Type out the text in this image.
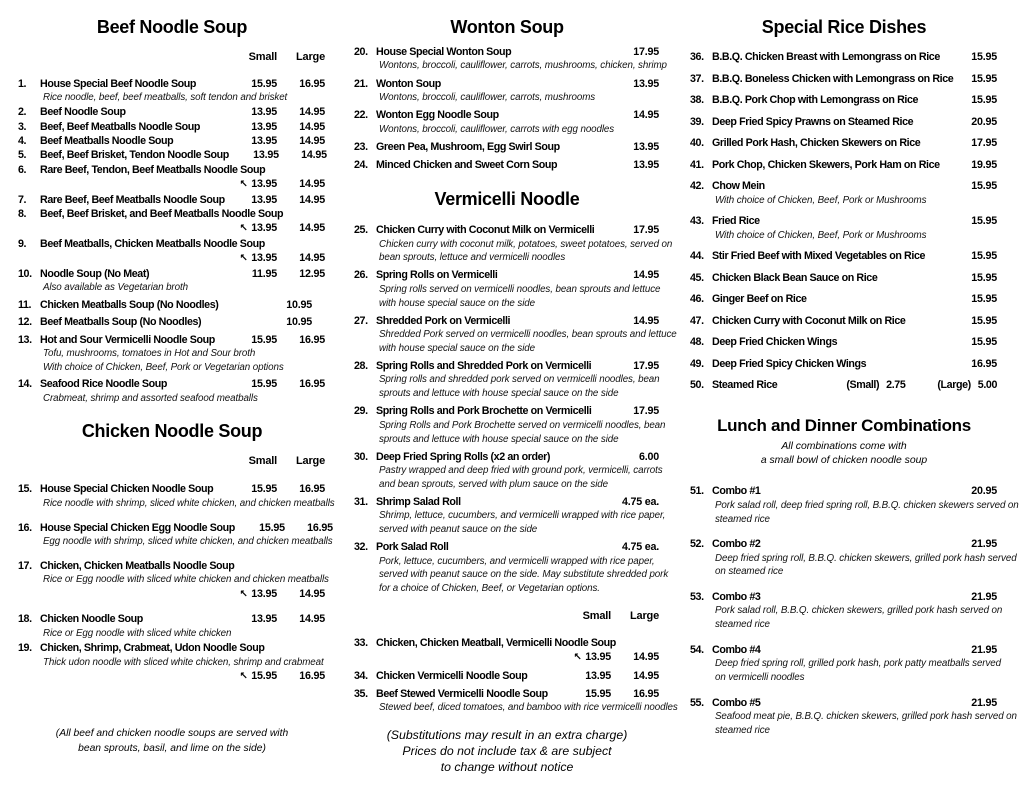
Beef Noodle Soup
Small	Large
1.	House Special Beef Noodle Soup	15.95	16.95
Rice noodle, beef, beef meatballs, soft tendon and brisket
2.	Beef Noodle Soup	13.95	14.95
3.	Beef, Beef Meatballs Noodle Soup	13.95	14.95
4.	Beef Meatballs Noodle Soup	13.95	14.95
5.	Beef, Beef Brisket, Tendon Noodle Soup	13.95	14.95
6.	Rare Beef, Tendon, Beef Meatballs Noodle Soup
↖ 13.95	14.95
7.	Rare Beef, Beef Meatballs Noodle Soup	13.95	14.95
8.	Beef, Beef Brisket, and Beef Meatballs Noodle Soup
↖ 13.95	14.95
9.	Beef Meatballs, Chicken Meatballs Noodle Soup
↖ 13.95	14.95
10. Noodle Soup (No Meat)	11.95	12.95
Also available as Vegetarian broth
11. Chicken Meatballs Soup (No Noodles)	10.95
12. Beef Meatballs Soup (No Noodles)	10.95
13. Hot and Sour Vermicelli Noodle Soup	15.95	16.95
Tofu, mushrooms, tomatoes in Hot and Sour broth
With choice of Chicken, Beef, Pork or Vegetarian options
14. Seafood Rice Noodle Soup	15.95	16.95
Crabmeat, shrimp and assorted seafood meatballs
Chicken Noodle Soup
Small	Large
15. House Special Chicken Noodle Soup	15.95	16.95
Rice noodle with shrimp, sliced white chicken, and chicken meatballs
16. House Special Chicken Egg Noodle Soup	15.95	16.95
Egg noodle with shrimp, sliced white chicken, and chicken meatballs
17. Chicken, Chicken Meatballs Noodle Soup
Rice or Egg noodle with sliced white chicken and chicken meatballs
↖ 13.95	14.95
18. Chicken Noodle Soup	13.95	14.95
Rice or Egg noodle with sliced white chicken
19. Chicken, Shrimp, Crabmeat, Udon Noodle Soup
Thick udon noodle with sliced white chicken, shrimp and crabmeat
↖ 15.95	16.95
(All beef and chicken noodle soups are served with
bean sprouts, basil, and lime on the side)
Wonton Soup
20. House Special Wonton Soup	17.95
Wontons, broccoli, cauliflower, carrots, mushrooms, chicken, shrimp
21. Wonton Soup	13.95
Wontons, broccoli, cauliflower, carrots, mushrooms
22. Wonton Egg Noodle Soup	14.95
Wontons, broccoli, cauliflower, carrots with egg noodles
23. Green Pea, Mushroom, Egg Swirl Soup	13.95
24. Minced Chicken and Sweet Corn Soup	13.95
Vermicelli Noodle
25. Chicken Curry with Coconut Milk on Vermicelli	17.95
Chicken curry with coconut milk, potatoes, sweet potatoes, served on
bean sprouts, lettuce and vermicelli noodles
26. Spring Rolls on Vermicelli	14.95
Spring rolls served on vermicelli noodles, bean sprouts and lettuce
with house special sauce on the side
27. Shredded Pork on Vermicelli	14.95
Shredded Pork served on vermicelli noodles, bean sprouts and lettuce
with house special sauce on the side
28. Spring Rolls and Shredded Pork on Vermicelli	17.95
Spring rolls and shredded pork served on vermicelli noodles, bean
sprouts and lettuce with house special sauce on the side
29. Spring Rolls and Pork Brochette on Vermicelli	17.95
Spring Rolls and Pork Brochette served on vermicelli noodles, bean
sprouts and lettuce with house special sauce on the side
30. Deep Fried Spring Rolls (x2 an order)	6.00
Pastry wrapped and deep fried with ground pork, vermicelli, carrots
and bean sprouts, served with plum sauce on the side
31. Shrimp Salad Roll	4.75 ea.
Shrimp, lettuce, cucumbers, and vermicelli wrapped with rice paper,
served with peanut sauce on the side
32. Pork Salad Roll	4.75 ea.
Pork, lettuce, cucumbers, and vermicelli wrapped with rice paper,
served with peanut sauce on the side. May substitute shredded pork
for a choice of Chicken, Beef, or Vegetarian options.
Small	Large
33. Chicken, Chicken Meatball, Vermicelli Noodle Soup
↖ 13.95	14.95
34. Chicken Vermicelli Noodle Soup	13.95	14.95
35. Beef Stewed Vermicelli Noodle Soup	15.95	16.95
Stewed beef, diced tomatoes, and bamboo with rice vermicelli noodles
(Substitutions may result in an extra charge)
Prices do not include tax & are subject
to change without notice
Special Rice Dishes
36. B.B.Q. Chicken Breast with Lemongrass on Rice	15.95
37. B.B.Q. Boneless Chicken with Lemongrass on Rice	15.95
38. B.B.Q. Pork Chop with Lemongrass on Rice	15.95
39. Deep Fried Spicy Prawns on Steamed Rice	20.95
40. Grilled Pork Hash, Chicken Skewers on Rice	17.95
41. Pork Chop, Chicken Skewers, Pork Ham on Rice	19.95
42. Chow Mein	15.95
With choice of Chicken, Beef, Pork or Mushrooms
43. Fried Rice	15.95
With choice of Chicken, Beef, Pork or Mushrooms
44. Stir Fried Beef with Mixed Vegetables on Rice	15.95
45. Chicken Black Bean Sauce on Rice	15.95
46. Ginger Beef on Rice	15.95
47. Chicken Curry with Coconut Milk on Rice	15.95
48. Deep Fried Chicken Wings	15.95
49. Deep Fried Spicy Chicken Wings	16.95
50. Steamed Rice	(Small) 2.75	(Large) 5.00
Lunch and Dinner Combinations
All combinations come with
a small bowl of chicken noodle soup
51. Combo #1	20.95
Pork salad roll, deep fried spring roll, B.B.Q. chicken skewers served on
steamed rice
52. Combo #2	21.95
Deep fried spring roll, B.B.Q. chicken skewers, grilled pork hash served
on steamed rice
53. Combo #3	21.95
Pork salad roll, B.B.Q. chicken skewers, grilled pork hash served on
steamed rice
54. Combo #4	21.95
Deep fried spring roll, grilled pork hash, pork patty meatballs served
on vermicelli noodles
55. Combo #5	21.95
Seafood meat pie, B.B.Q. chicken skewers, grilled pork hash served on
steamed rice
